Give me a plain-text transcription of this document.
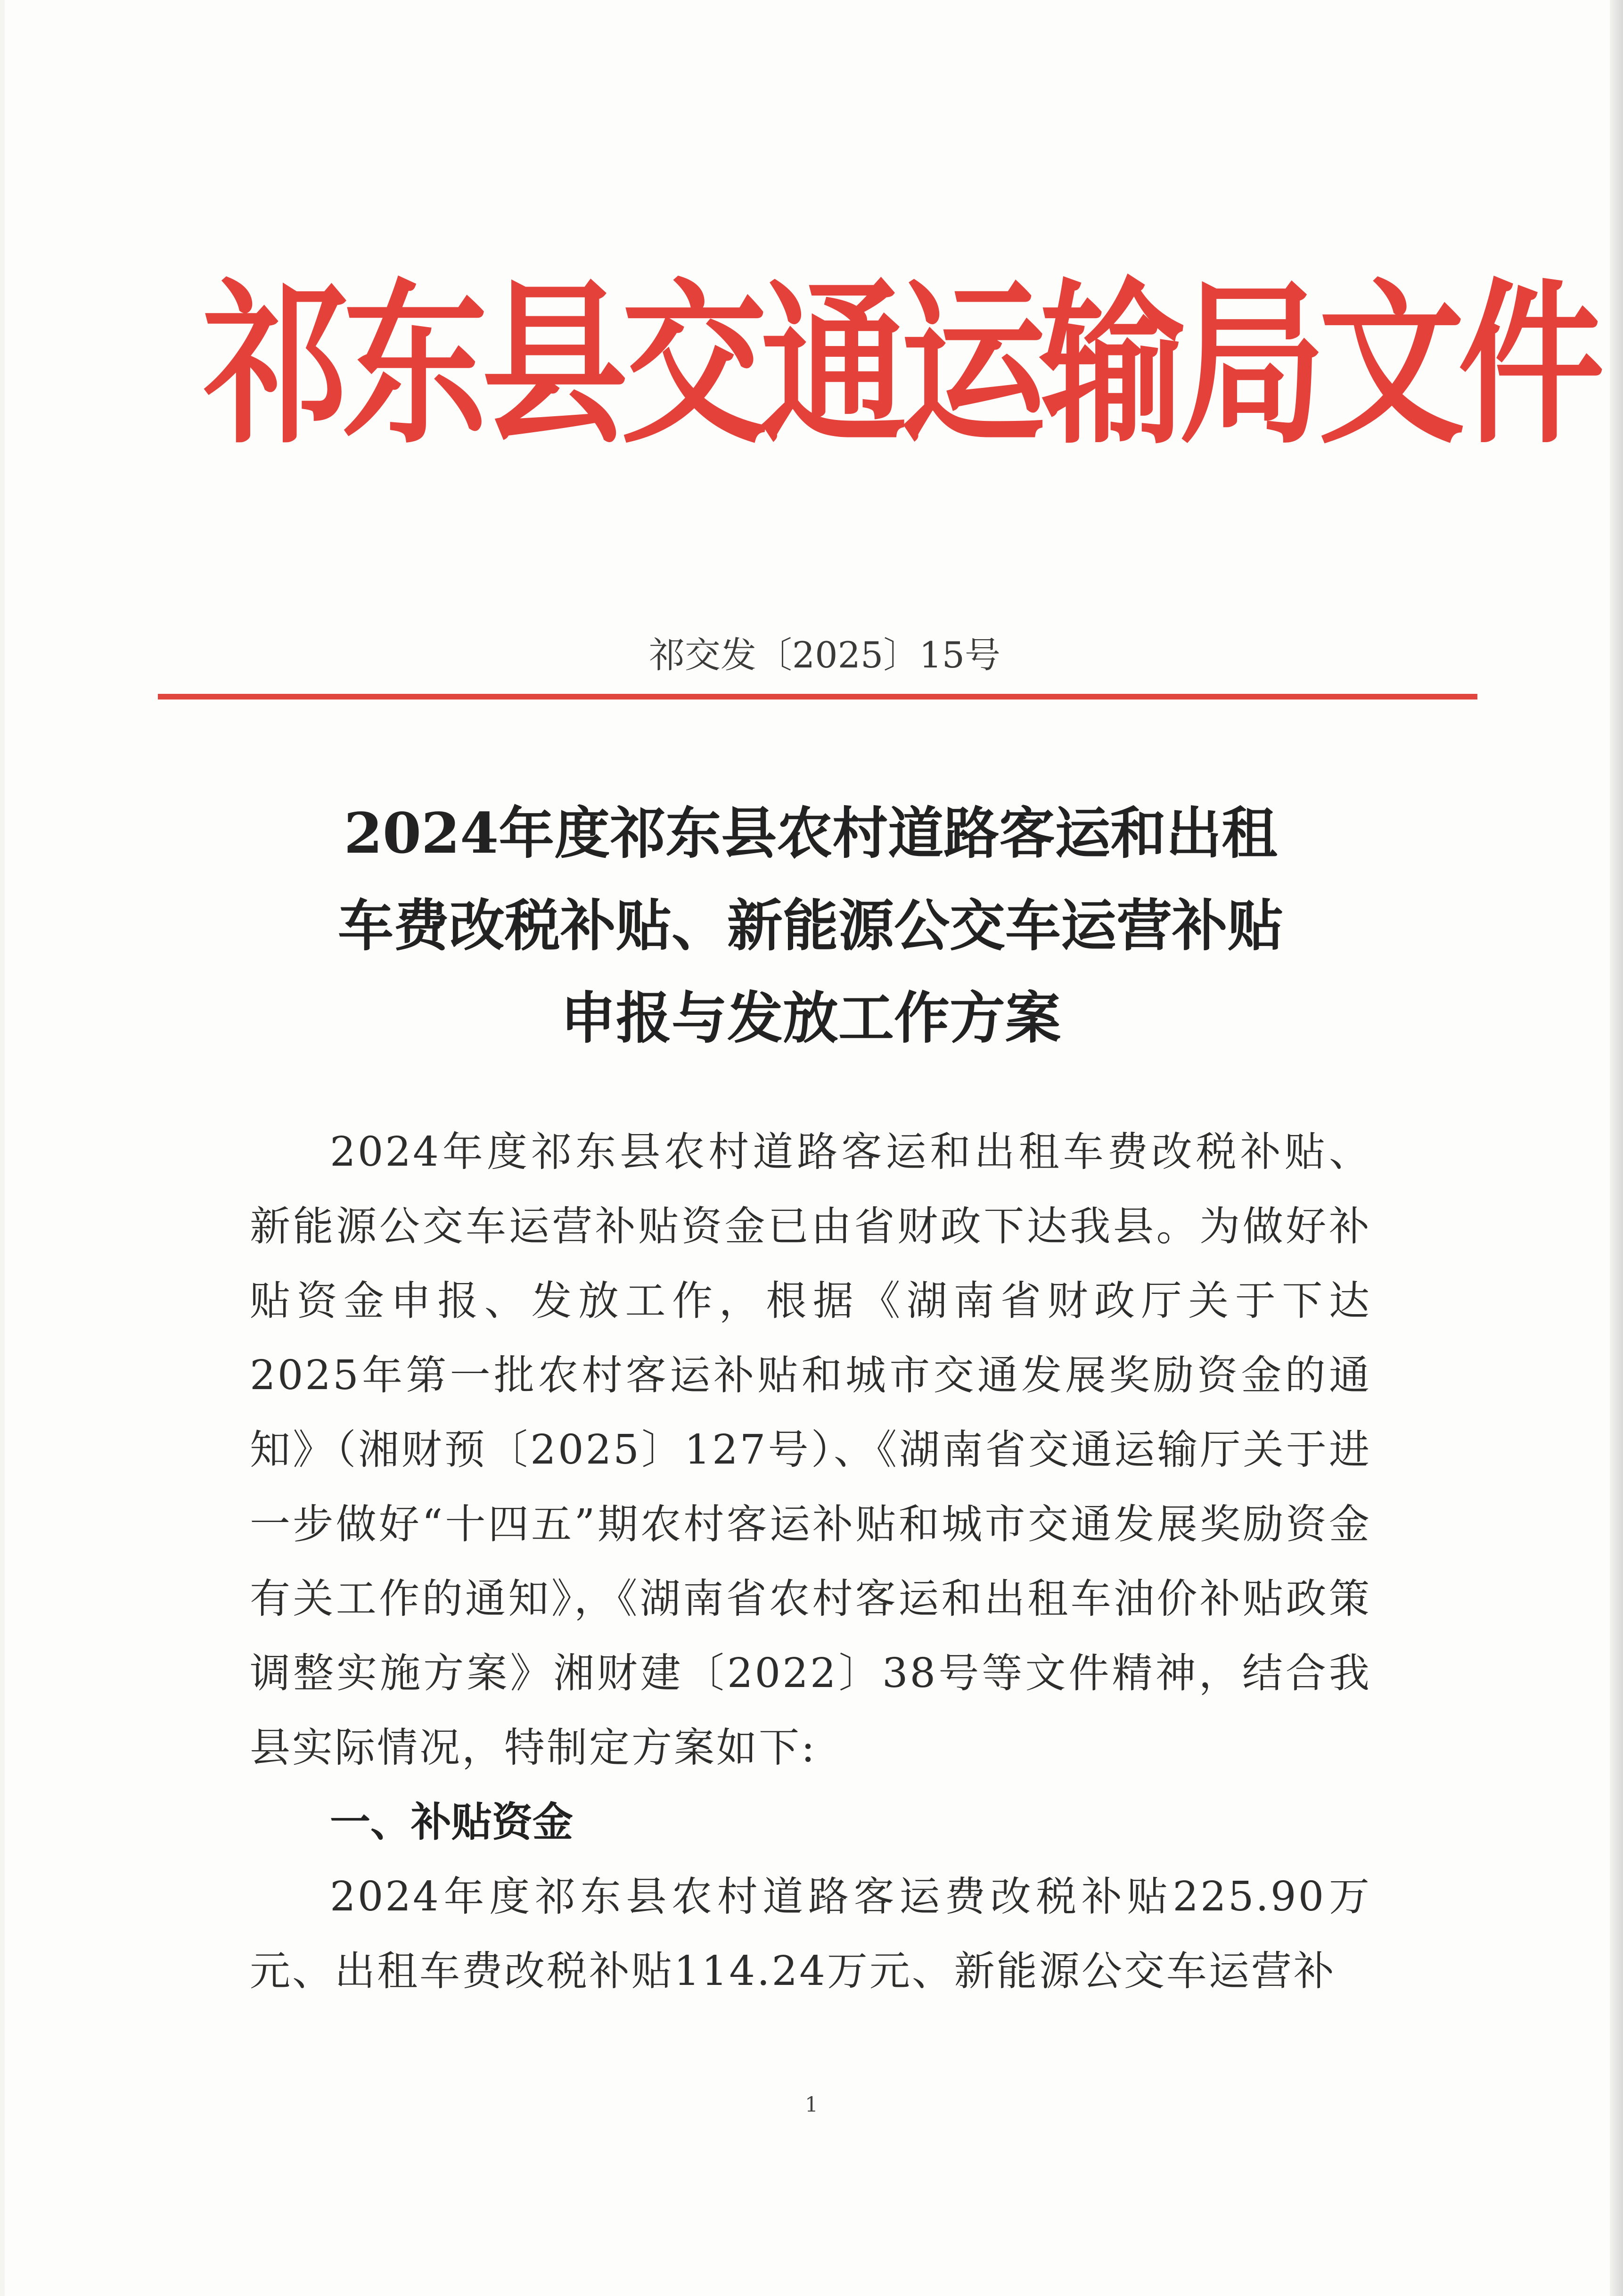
祁东县交通运输局文件
祁交发〔2025〕15号
2024年度祁东县农村道路客运和出租
车费改税补贴、新能源公交车运营补贴
申报与发放工作方案

2024年度祁东县农村道路客运和出租车费改税补贴、新能源公交车运营补贴资金已由省财政下达我县。为做好补贴资金申报、发放工作，根据《湖南省财政厅关于下达2025年第一批农村客运补贴和城市交通发展奖励资金的通知》（湘财预〔2025〕127号）、《湖南省交通运输厅关于进一步做好“十四五”期农村客运补贴和城市交通发展奖励资金有关工作的通知》，《湖南省农村客运和出租车油价补贴政策调整实施方案》湘财建〔2022〕38号等文件精神，结合我县实际情况，特制定方案如下:

一、补贴资金

2024年度祁东县农村道路客运费改税补贴225.90万元、出租车费改税补贴114.24万元、新能源公交车运营补

1
